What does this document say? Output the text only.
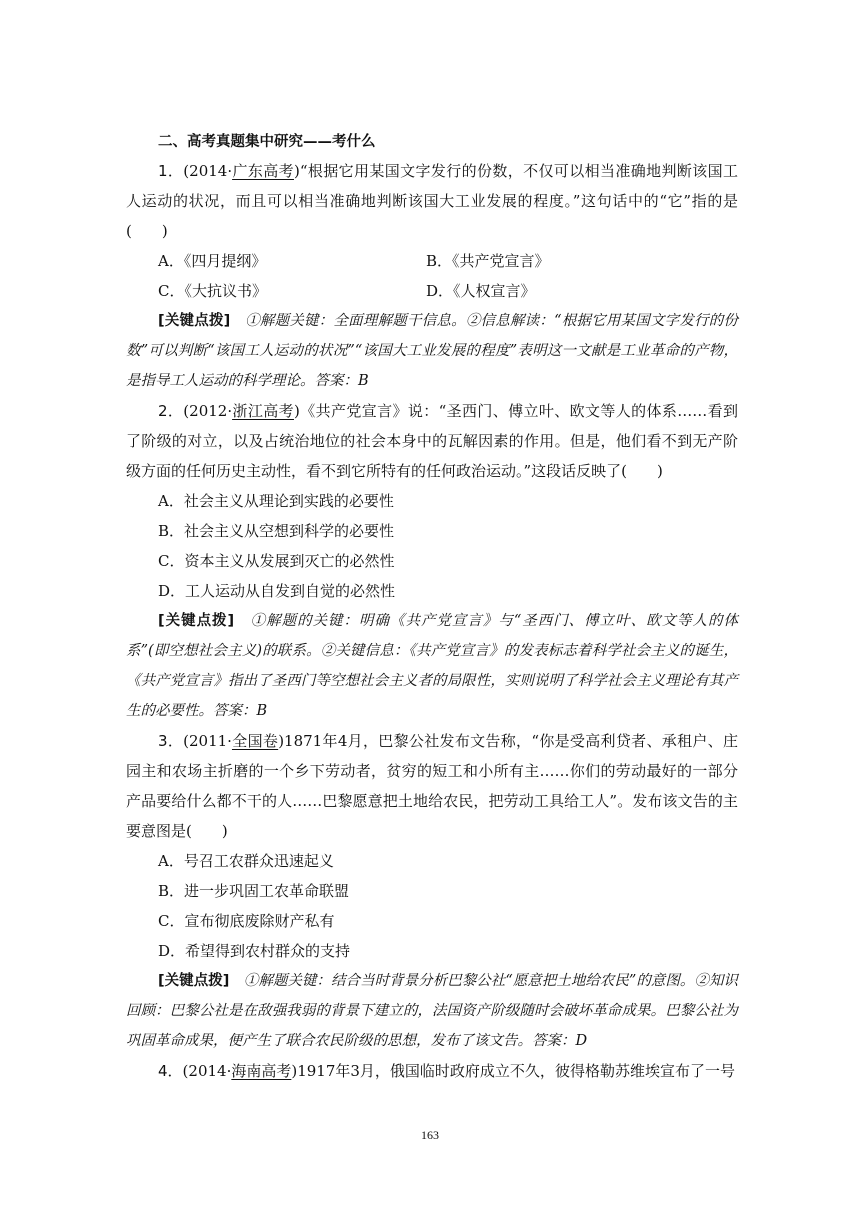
二、高考真题集中研究——考什么

1．(2014·广东高考)“根据它用某国文字发行的份数，不仅可以相当准确地判断该国工人运动的状况，而且可以相当准确地判断该国大工业发展的程度。”这句话中的“它”指的是(　　)

A．《四月提纲》	B．《共产党宣言》
C．《大抗议书》	D．《人权宣言》

[关键点拨]　 ①解题关键：全面理解题干信息。②信息解读：“根据它用某国文字发行的份数”可以判断“该国工人运动的状况”“该国大工业发展的程度”表明这一文献是工业革命的产物，是指导工人运动的科学理论。答案：B

2．(2012·浙江高考)《共产党宣言》说：“圣西门、傅立叶、欧文等人的体系……看到了阶级的对立，以及占统治地位的社会本身中的瓦解因素的作用。但是，他们看不到无产阶级方面的任何历史主动性，看不到它所特有的任何政治运动。”这段话反映了(　　)

A．社会主义从理论到实践的必要性
B．社会主义从空想到科学的必要性
C．资本主义从发展到灭亡的必然性
D．工人运动从自发到自觉的必然性

[关键点拨]　 ①解题的关键：明确《共产党宣言》与“圣西门、傅立叶、欧文等人的体系”(即空想社会主义)的联系。②关键信息：《共产党宣言》的发表标志着科学社会主义的诞生，《共产党宣言》指出了圣西门等空想社会主义者的局限性，实则说明了科学社会主义理论有其产生的必要性。答案：B

3．(2011·全国卷)1871年4月，巴黎公社发布文告称，“你是受高利贷者、承租户、庄园主和农场主折磨的一个乡下劳动者，贫穷的短工和小所有主……你们的劳动最好的一部分产品要给什么都不干的人……巴黎愿意把土地给农民，把劳动工具给工人”。发布该文告的主要意图是(　　)

A．号召工农群众迅速起义
B．进一步巩固工农革命联盟
C．宣布彻底废除财产私有
D．希望得到农村群众的支持

[关键点拨]　 ①解题关键：结合当时背景分析巴黎公社“愿意把土地给农民”的意图。②知识回顾：巴黎公社是在敌强我弱的背景下建立的，法国资产阶级随时会破坏革命成果。巴黎公社为巩固革命成果，便产生了联合农民阶级的思想，发布了该文告。答案：D

4．(2014·海南高考)1917年3月，俄国临时政府成立不久，彼得格勒苏维埃宣布了一号

163
